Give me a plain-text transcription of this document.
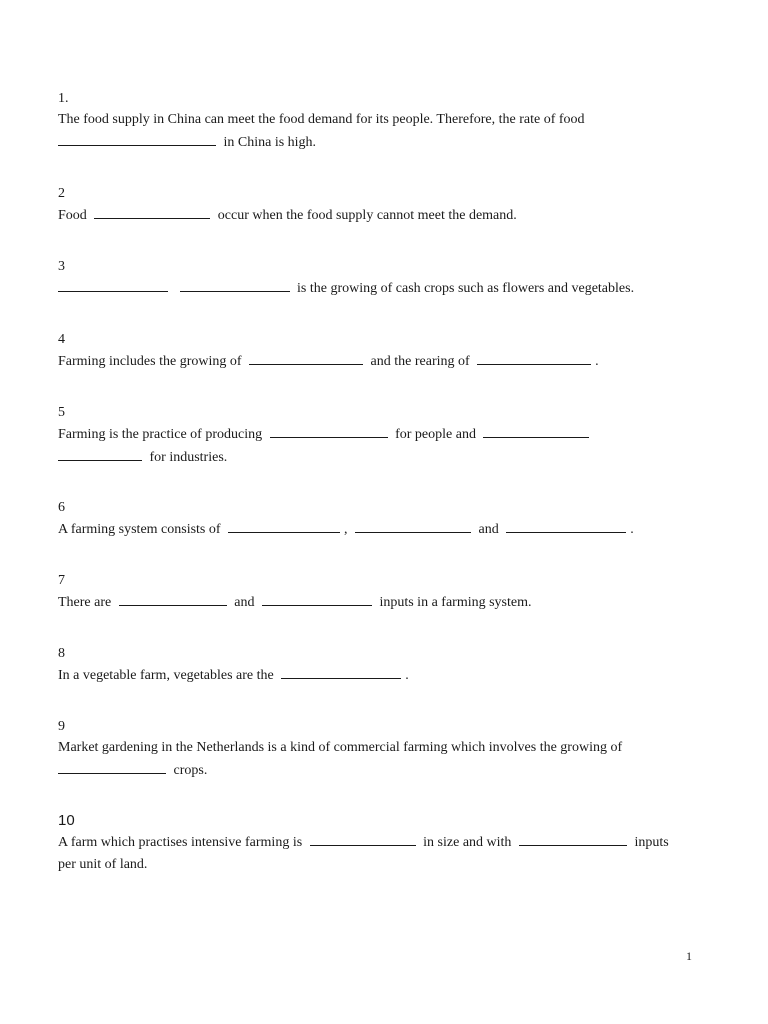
1.
The food supply in China can meet the food demand for its people. Therefore, the rate of food
in China is high.
2
Food	occur when the food supply cannot meet the demand.
3
is the growing of cash crops such as flowers and vegetables.
4
Farming includes the growing of	and the rearing of	.
5
Farming is the practice of producing	for people and
for industries.
6
A farming system consists of	,	and	.
7
There are	and	inputs in a farming system.
8
In a vegetable farm, vegetables are the	.
9
Market gardening in the Netherlands is a kind of commercial farming which involves the growing of
crops.
10
A farm which practises intensive farming is	in size and with	inputs
per unit of land.
1
